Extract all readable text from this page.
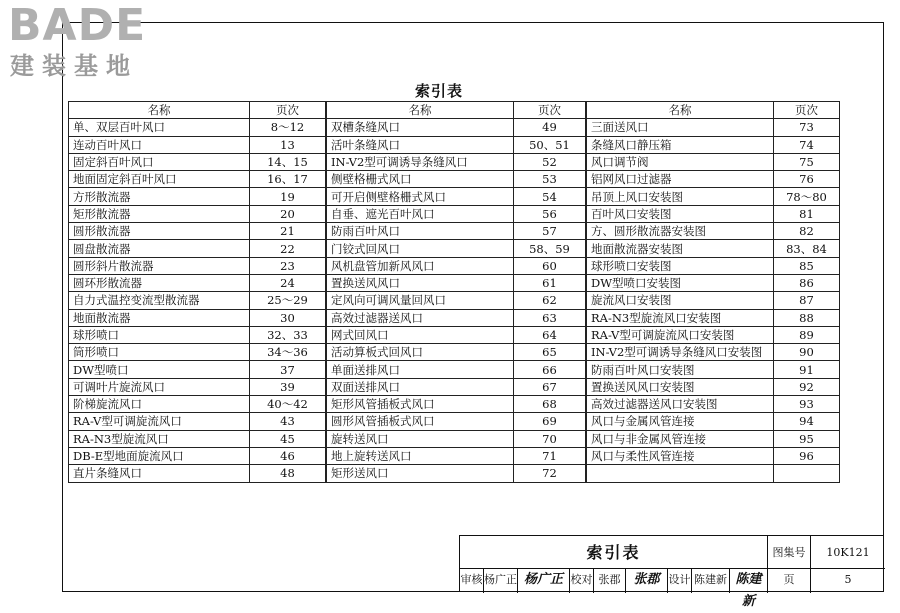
BADE
建装基地
索引表
名称	页次
单、双层百叶风口	8～12
连动百叶风口	13
固定斜百叶风口	14、15
地面固定斜百叶风口	16、17
方形散流器	19
矩形散流器	20
圆形散流器	21
圆盘散流器	22
圆形斜片散流器	23
圆环形散流器	24
自力式温控变流型散流器	25～29
地面散流器	30
球形喷口	32、33
筒形喷口	34～36
DW型喷口	37
可调叶片旋流风口	39
阶梯旋流风口	40～42
RA-V型可调旋流风口	43
RA-N3型旋流风口	45
DB-E型地面旋流风口	46
直片条缝风口	48
名称	页次
双槽条缝风口	49
活叶条缝风口	50、51
IN-V2型可调诱导条缝风口	52
侧壁格栅式风口	53
可开启侧壁格栅式风口	54
自垂、遮光百叶风口	56
防雨百叶风口	57
门铰式回风口	58、59
风机盘管加新风风口	60
置换送风风口	61
定风向可调风量回风口	62
高效过滤器送风口	63
网式回风口	64
活动算板式回风口	65
单面送排风口	66
双面送排风口	67
矩形风管插板式风口	68
圆形风管插板式风口	69
旋转送风口	70
地上旋转送风口	71
矩形送风口	72
名称	页次
三面送风口	73
条缝风口静压箱	74
风口调节阀	75
铝网风口过滤器	76
吊顶上风口安装图	78～80
百叶风口安装图	81
方、圆形散流器安装图	82
地面散流器安装图	83、84
球形喷口安装图	85
DW型喷口安装图	86
旋流风口安装图	87
RA-N3型旋流风口安装图	88
RA-V型可调旋流风口安装图	89
IN-V2型可调诱导条缝风口安装图	90
防雨百叶风口安装图	91
置换送风风口安装图	92
高效过滤器送风口安装图	93
风口与金属风管连接	94
风口与非金属风管连接	95
风口与柔性风管连接	96

索引表	图集号	10K121
审核 杨广正 杨广正 校对 张郡 张郡 设计 陈建新 陈建新
页	5
